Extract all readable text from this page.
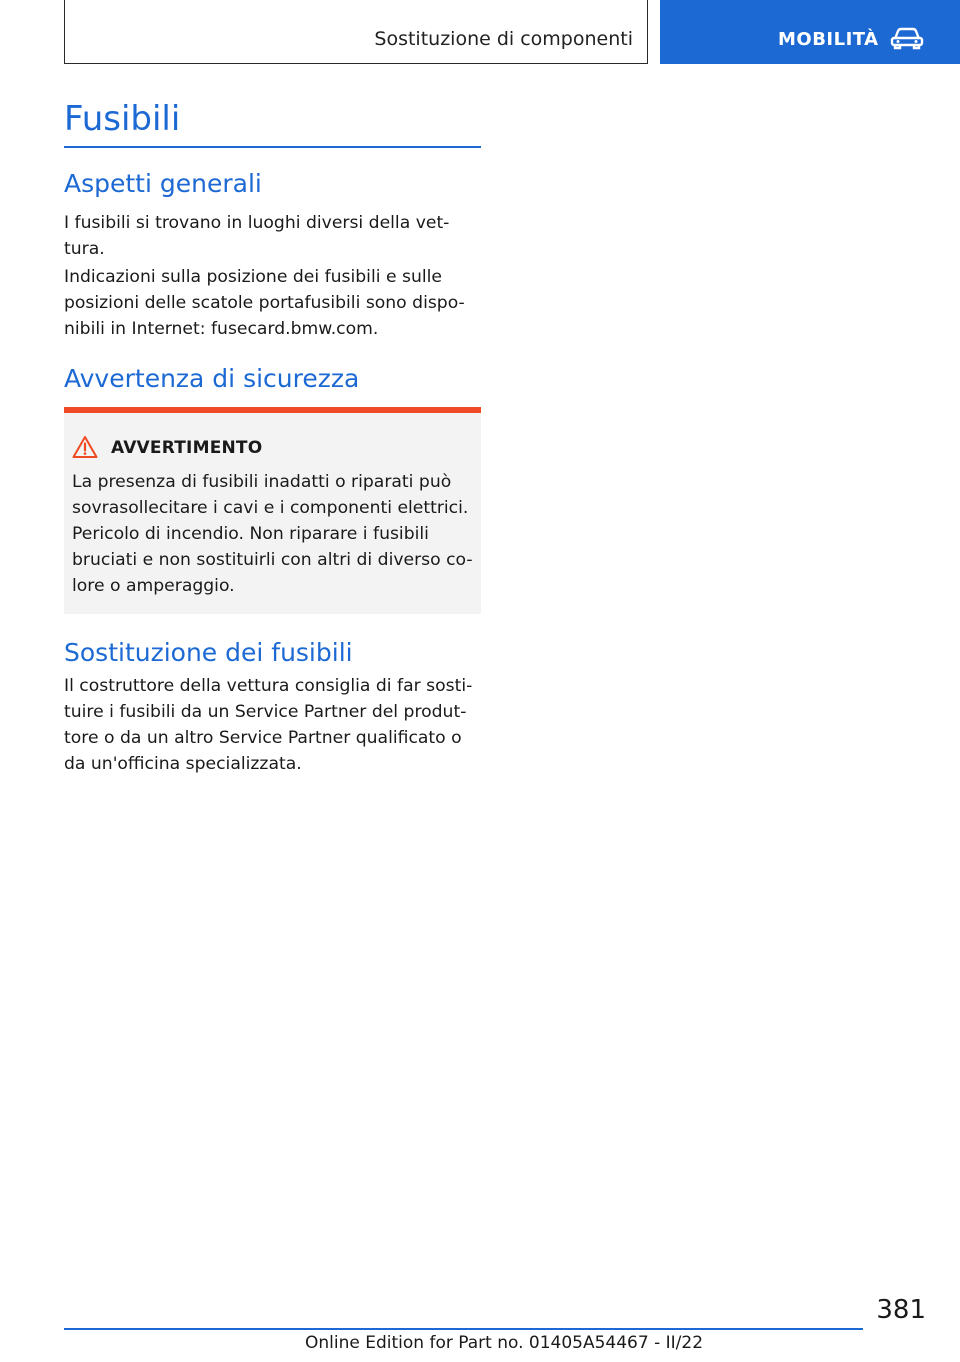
Sostituzione di componenti	MOBILITÀ
Fusibili
Aspetti generali

I fusibili si trovano in luoghi diversi della vet-
tura.

Indicazioni sulla posizione dei fusibili e sulle
posizioni delle scatole portafusibili sono dispo-
nibili in Internet: fusecard.bmw.com.

Avvertenza di sicurezza
AVVERTIMENTO

La presenza di fusibili inadatti o riparati può
sovrasollecitare i cavi e i componenti elettrici.
Pericolo di incendio. Non riparare i fusibili
bruciati e non sostituirli con altri di diverso co-
lore o amperaggio.

Sostituzione dei fusibili

Il costruttore della vettura consiglia di far sosti-
tuire i fusibili da un Service Partner del produt-
tore o da un altro Service Partner qualificato o
da un'officina specializzata.

381
Online Edition for Part no. 01405A54467 - II/22
